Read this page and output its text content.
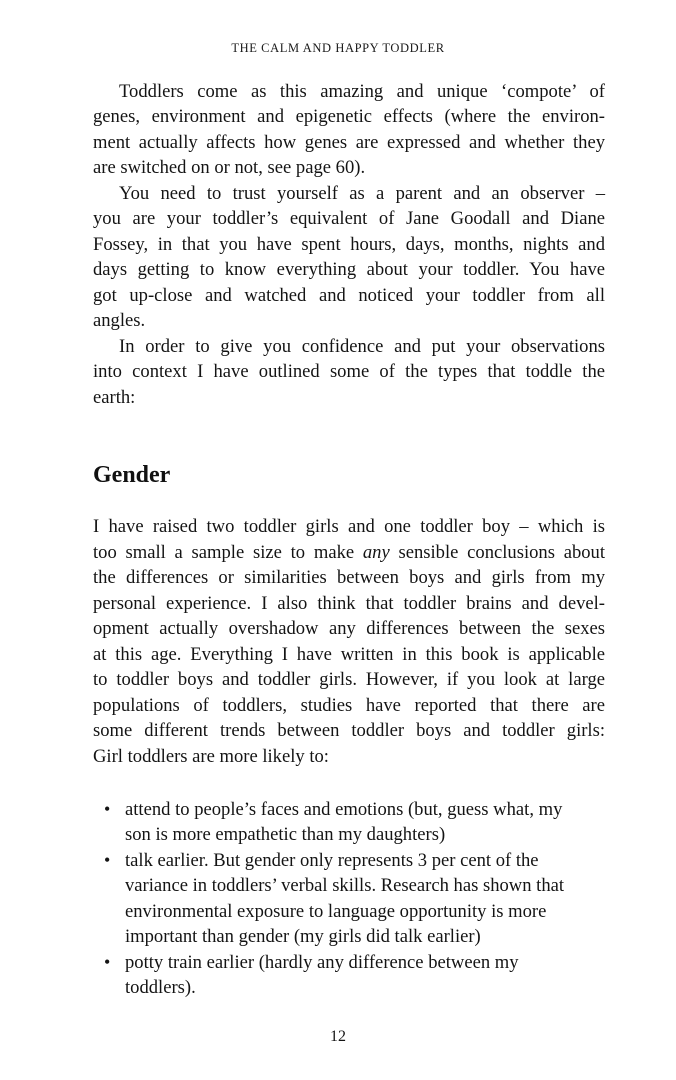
THE CALM AND HAPPY TODDLER
Toddlers come as this amazing and unique ‘compote’ of
genes, environment and epigenetic effects (where the environ-
ment actually affects how genes are expressed and whether they
are switched on or not, see page 60).
You need to trust yourself as a parent and an observer –
you are your toddler’s equivalent of Jane Goodall and Diane
Fossey, in that you have spent hours, days, months, nights and
days getting to know everything about your toddler. You have
got up-close and watched and noticed your toddler from all
angles.
In order to give you confidence and put your observations
into context I have outlined some of the types that toddle the
earth:
Gender
I have raised two toddler girls and one toddler boy – which is
too small a sample size to make any sensible conclusions about
the differences or similarities between boys and girls from my
personal experience. I also think that toddler brains and devel-
opment actually overshadow any differences between the sexes
at this age. Everything I have written in this book is applicable
to toddler boys and toddler girls. However, if you look at large
populations of toddlers, studies have reported that there are
some different trends between toddler boys and toddler girls:
Girl toddlers are more likely to:
• attend to people’s faces and emotions (but, guess what, my
son is more empathetic than my daughters)
• talk earlier. But gender only represents 3 per cent of the
variance in toddlers’ verbal skills. Research has shown that
environmental exposure to language opportunity is more
important than gender (my girls did talk earlier)
• potty train earlier (hardly any difference between my
toddlers).
12
